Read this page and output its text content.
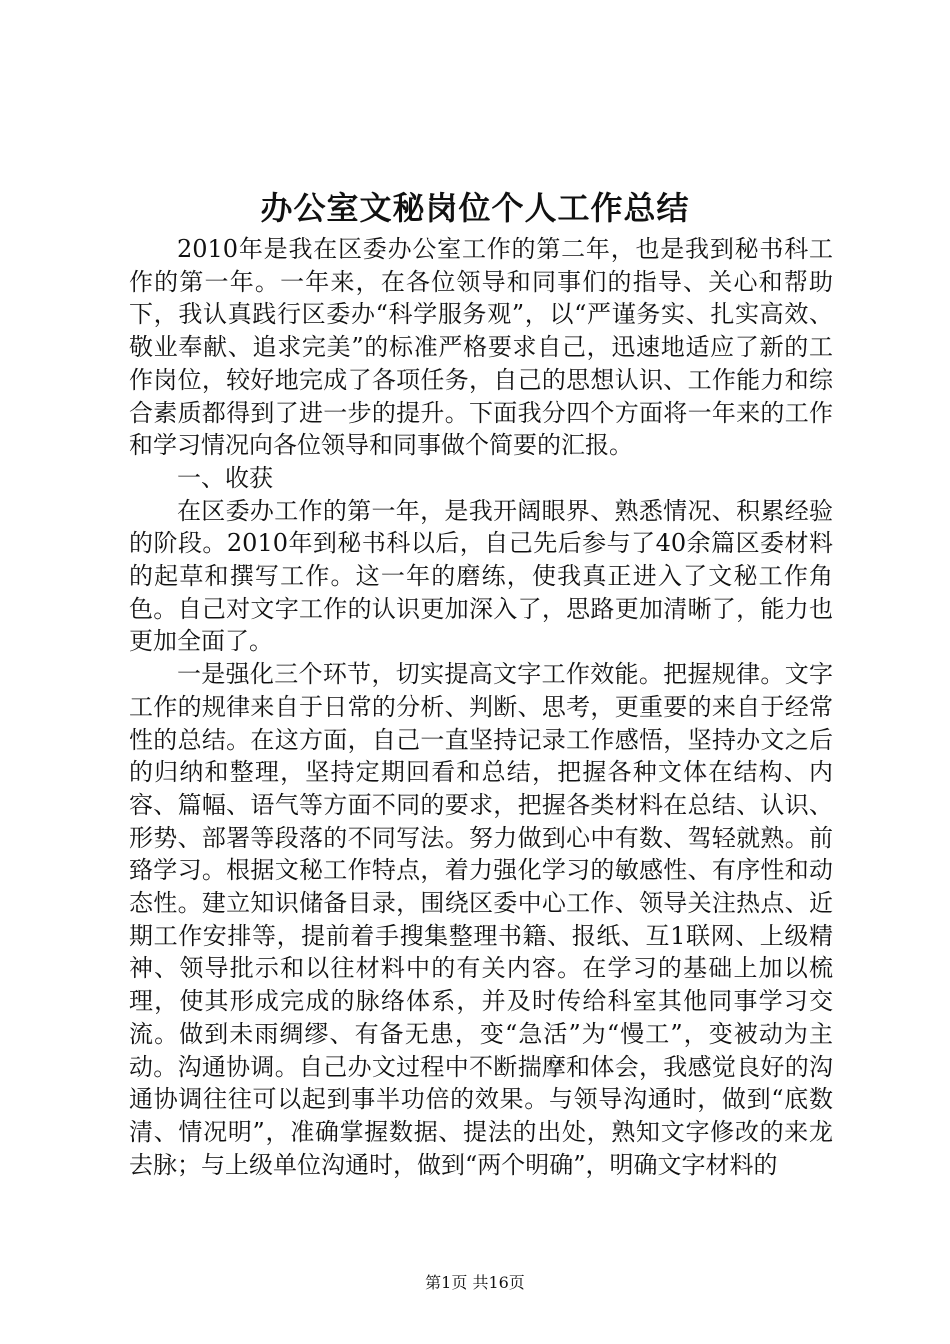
办公室文秘岗位个人工作总结

2010年是我在区委办公室工作的第二年，也是我到秘书科工作的第一年。一年来，在各位领导和同事们的指导、关心和帮助下，我认真践行区委办“科学服务观”，以“严谨务实、扎实高效、敬业奉献、追求完美”的标准严格要求自己，迅速地适应了新的工作岗位，较好地完成了各项任务，自己的思想认识、工作能力和综合素质都得到了进一步的提升。下面我分四个方面将一年来的工作和学习情况向各位领导和同事做个简要的汇报。

一、收获

在区委办工作的第一年，是我开阔眼界、熟悉情况、积累经验的阶段。2010年到秘书科以后，自己先后参与了40余篇区委材料的起草和撰写工作。这一年的磨练，使我真正进入了文秘工作角色。自己对文字工作的认识更加深入了，思路更加清晰了，能力也更加全面了。

一是强化三个环节，切实提高文字工作效能。把握规律。文字工作的规律来自于日常的分析、判断、思考，更重要的来自于经常性的总结。在这方面，自己一直坚持记录工作感悟，坚持办文之后的归纳和整理，坚持定期回看和总结，把握各种文体在结构、内容、篇幅、语气等方面不同的要求，把握各类材料在总结、认识、形势、部署等段落的不同写法。努力做到心中有数、驾轻就熟。前臵学习。根据文秘工作特点，着力强化学习的敏感性、有序性和动态性。建立知识储备目录，围绕区委中心工作、领导关注热点、近期工作安排等，提前着手搜集整理书籍、报纸、互1联网、上级精神、领导批示和以往材料中的有关内容。在学习的基础上加以梳理，使其形成完成的脉络体系，并及时传给科室其他同事学习交流。做到未雨绸缪、有备无患，变“急活”为“慢工”，变被动为主动。沟通协调。自己办文过程中不断揣摩和体会，我感觉良好的沟通协调往往可以起到事半功倍的效果。与领导沟通时，做到“底数清、情况明”，准确掌握数据、提法的出处，熟知文字修改的来龙去脉；与上级单位沟通时，做到“两个明确”，明确文字材料的

第1页 共16页
